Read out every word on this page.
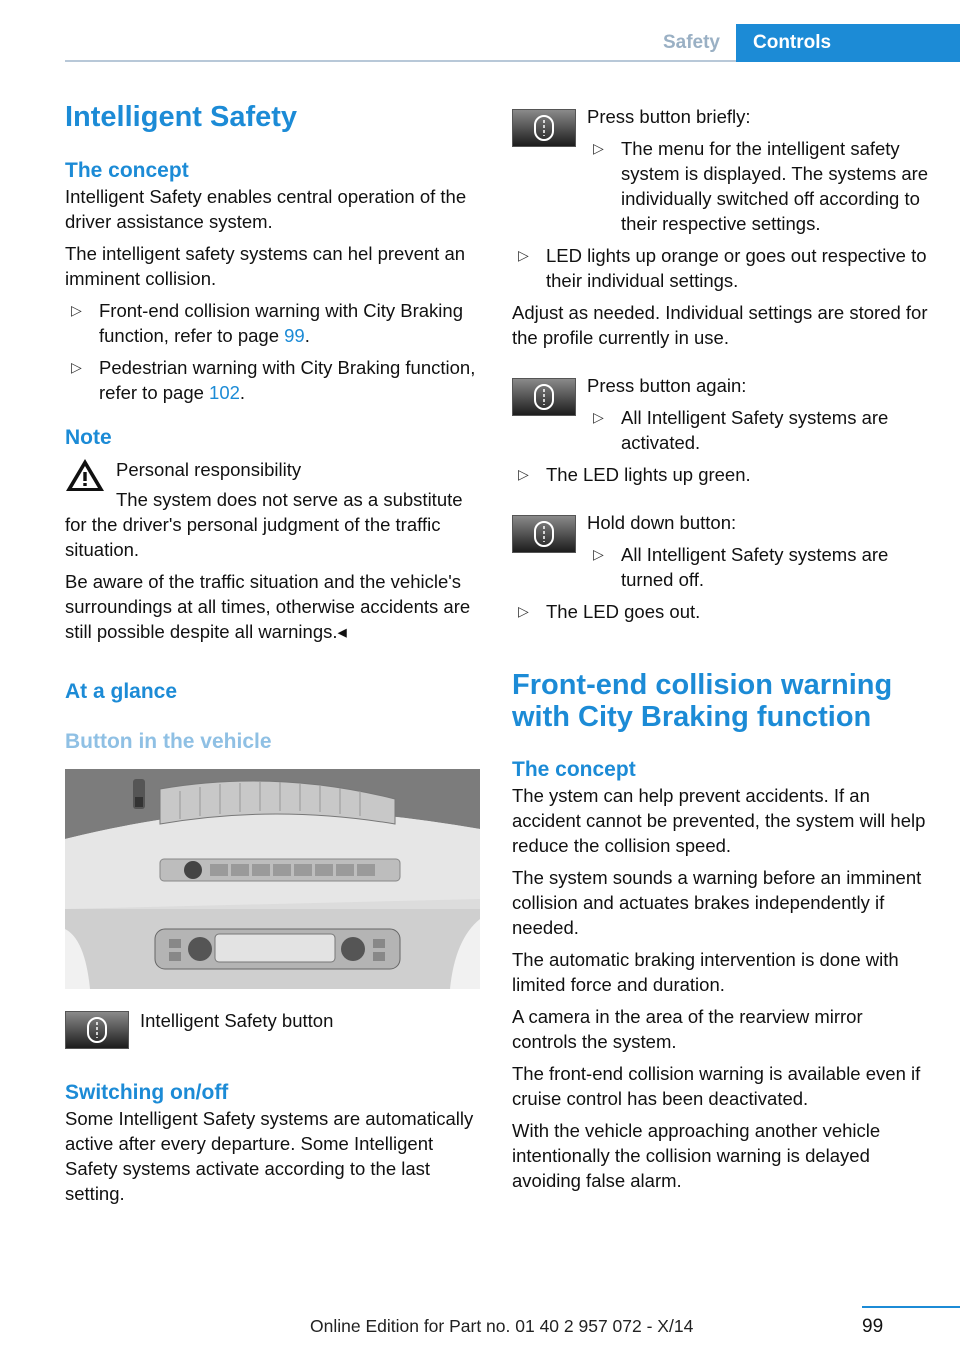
Safety	Controls
Intelligent Safety
The concept

Intelligent Safety enables central operation of the driver assistance system.

The intelligent safety systems can hel prevent an imminent collision.

▷ Front-end collision warning with City Braking function, refer to page 99.
▷ Pedestrian warning with City Braking function, refer to page 102.
Note

Personal responsibility

The system does not serve as a substitute for the driver's personal judgment of the traffic situation.

Be aware of the traffic situation and the vehicle's surroundings at all times, otherwise accidents are still possible despite all warnings.◂

At a glance
Button in the vehicle

Intelligent Safety button

Switching on/off

Some Intelligent Safety systems are automatically active after every departure. Some Intelligent Safety systems activate according to the last setting.

Press button briefly:

▷ The menu for the intelligent safety system is displayed. The systems are individually switched off according to their respective settings.
▷ LED lights up orange or goes out respective to their individual settings.

Adjust as needed. Individual settings are stored for the profile currently in use.

Press button again:

▷ All Intelligent Safety systems are activated.
▷ The LED lights up green.

Hold down button:

▷ All Intelligent Safety systems are turned off.
▷ The LED goes out.
Front-end collision warning with City Braking function
The concept

The ystem can help prevent accidents. If an accident cannot be prevented, the system will help reduce the collision speed.

The system sounds a warning before an imminent collision and actuates brakes independently if needed.

The automatic braking intervention is done with limited force and duration.

A camera in the area of the rearview mirror controls the system.

The front-end collision warning is available even if cruise control has been deactivated.

With the vehicle approaching another vehicle intentionally the collision warning is delayed avoiding false alarm.

99
Online Edition for Part no. 01 40 2 957 072 - X/14
